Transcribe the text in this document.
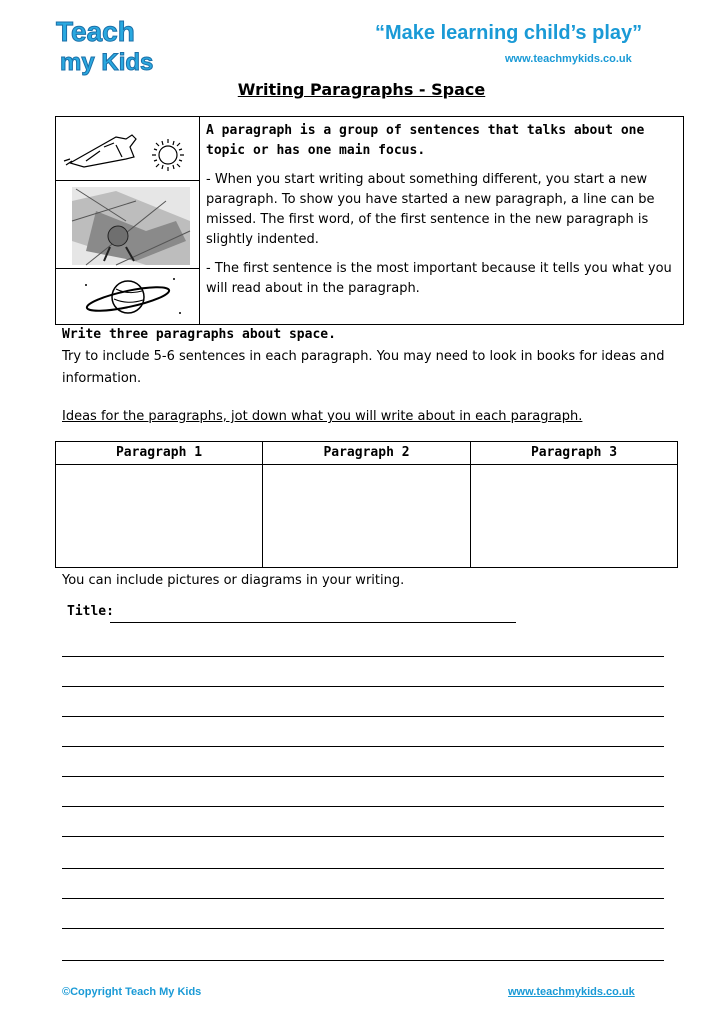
Teach
my Kids
“Make learning child’s play”
www.teachmykids.co.uk
Writing Paragraphs - Space

A paragraph is a group of sentences that talks about one topic or has one main focus.

- When you start writing about something different, you start a new paragraph. To show you have started a new paragraph, a line can be missed. The first word, of the first sentence in the new paragraph is slightly indented.

- The first sentence is the most important because it tells you what you will read about in the paragraph.

Write three paragraphs about space.
Try to include 5-6 sentences in each paragraph. You may need to look in books for ideas and information.
Ideas for the paragraphs, jot down what you will write about in each paragraph.
Paragraph 1	Paragraph 2	Paragraph 3
You can include pictures or diagrams in your writing.
Title:
©Copyright Teach My Kids	www.teachmykids.co.uk
